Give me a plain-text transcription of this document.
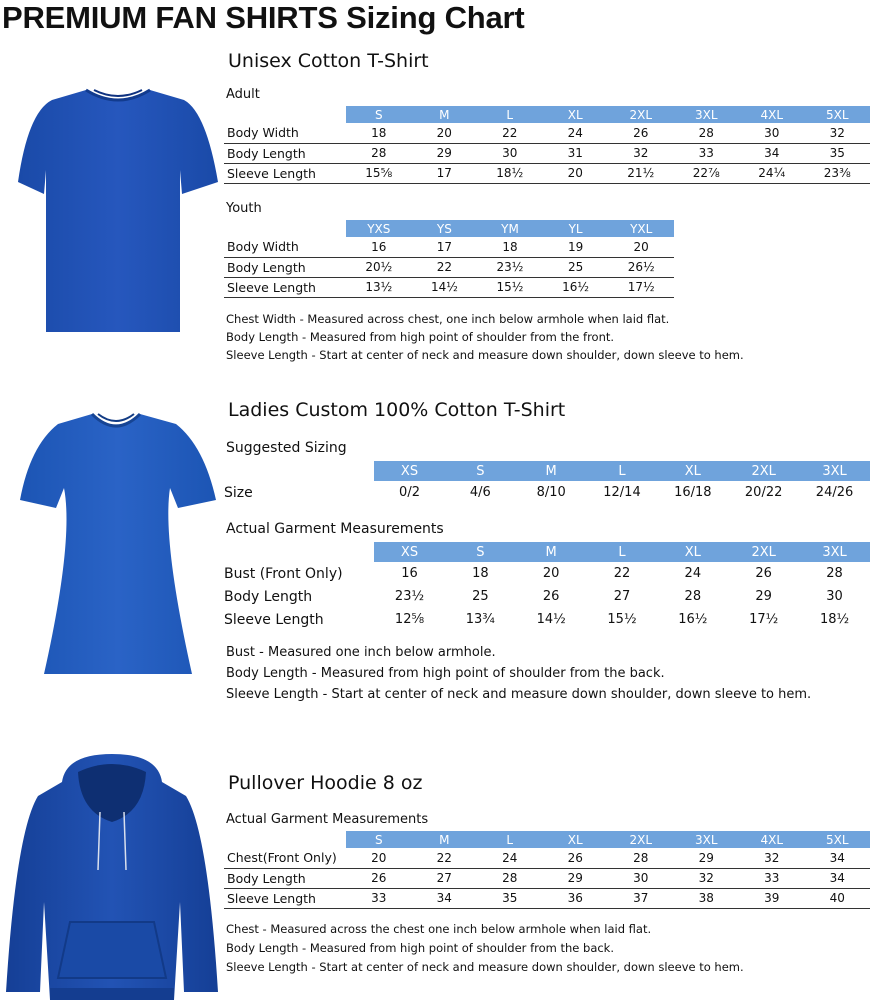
PREMIUM FAN SHIRTS Sizing Chart
Unisex Cotton T-Shirt
Adult
	S	M	L	XL	2XL	3XL	4XL	5XL
Body Width	18	20	22	24	26	28	30	32
Body Length	28	29	30	31	32	33	34	35
Sleeve Length	15⅝	17	18½	20	21½	22⅞	24¼	23⅜
Youth
	YXS	YS	YM	YL	YXL
Body Width	16	17	18	19	20
Body Length	20½	22	23½	25	26½
Sleeve Length	13½	14½	15½	16½	17½
Chest Width - Measured across chest, one inch below armhole when laid flat.
Body Length - Measured from high point of shoulder from the front.
Sleeve Length - Start at center of neck and measure down shoulder, down sleeve to hem.
Ladies Custom 100% Cotton T-Shirt
Suggested Sizing
	XS	S	M	L	XL	2XL	3XL
Size	0/2	4/6	8/10	12/14	16/18	20/22	24/26
Actual Garment Measurements
	XS	S	M	L	XL	2XL	3XL
Bust (Front Only)	16	18	20	22	24	26	28
Body Length	23½	25	26	27	28	29	30
Sleeve Length	12⅝	13¾	14½	15½	16½	17½	18½
Bust - Measured one inch below armhole.
Body Length - Measured from high point of shoulder from the back.
Sleeve Length - Start at center of neck and measure down shoulder, down sleeve to hem.
Pullover Hoodie 8 oz
Actual Garment Measurements
	S	M	L	XL	2XL	3XL	4XL	5XL
Chest(Front Only)	20	22	24	26	28	29	32	34
Body Length	26	27	28	29	30	32	33	34
Sleeve Length	33	34	35	36	37	38	39	40
Chest - Measured across the chest one inch below armhole when laid flat.
Body Length - Measured from high point of shoulder from the back.
Sleeve Length - Start at center of neck and measure down shoulder, down sleeve to hem.
